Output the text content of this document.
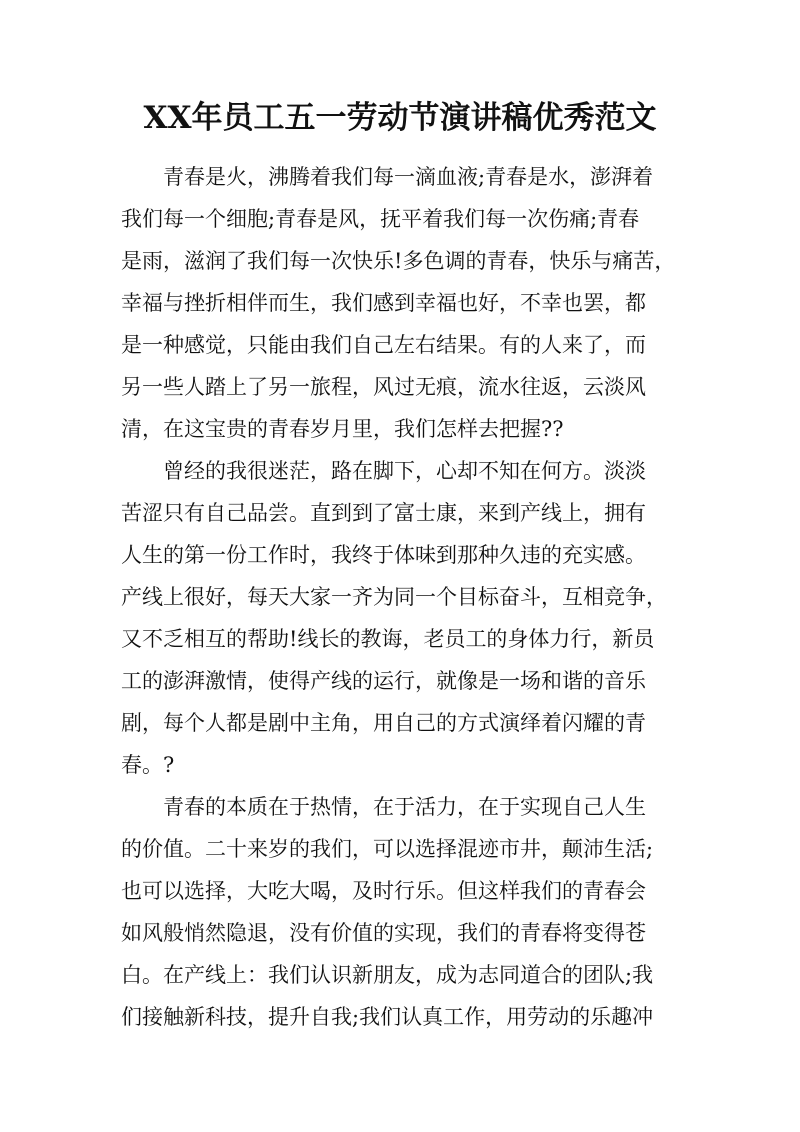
XX年员工五一劳动节演讲稿优秀范文
青春是火，沸腾着我们每一滴血液;青春是水，澎湃着
我们每一个细胞;青春是风，抚平着我们每一次伤痛;青春
是雨，滋润了我们每一次快乐!多色调的青春，快乐与痛苦，
幸福与挫折相伴而生，我们感到幸福也好，不幸也罢，都
是一种感觉，只能由我们自己左右结果。有的人来了，而
另一些人踏上了另一旅程，风过无痕，流水往返，云淡风
清，在这宝贵的青春岁月里，我们怎样去把握??
曾经的我很迷茫，路在脚下，心却不知在何方。淡淡
苦涩只有自己品尝。直到到了富士康，来到产线上，拥有
人生的第一份工作时，我终于体味到那种久违的充实感。
产线上很好，每天大家一齐为同一个目标奋斗，互相竞争，
又不乏相互的帮助!线长的教诲，老员工的身体力行，新员
工的澎湃激情，使得产线的运行，就像是一场和谐的音乐
剧，每个人都是剧中主角，用自己的方式演绎着闪耀的青
春。?
青春的本质在于热情，在于活力，在于实现自己人生
的价值。二十来岁的我们，可以选择混迹市井，颠沛生活;
也可以选择，大吃大喝，及时行乐。但这样我们的青春会
如风般悄然隐退，没有价值的实现，我们的青春将变得苍
白。在产线上：我们认识新朋友，成为志同道合的团队;我
们接触新科技，提升自我;我们认真工作，用劳动的乐趣冲
